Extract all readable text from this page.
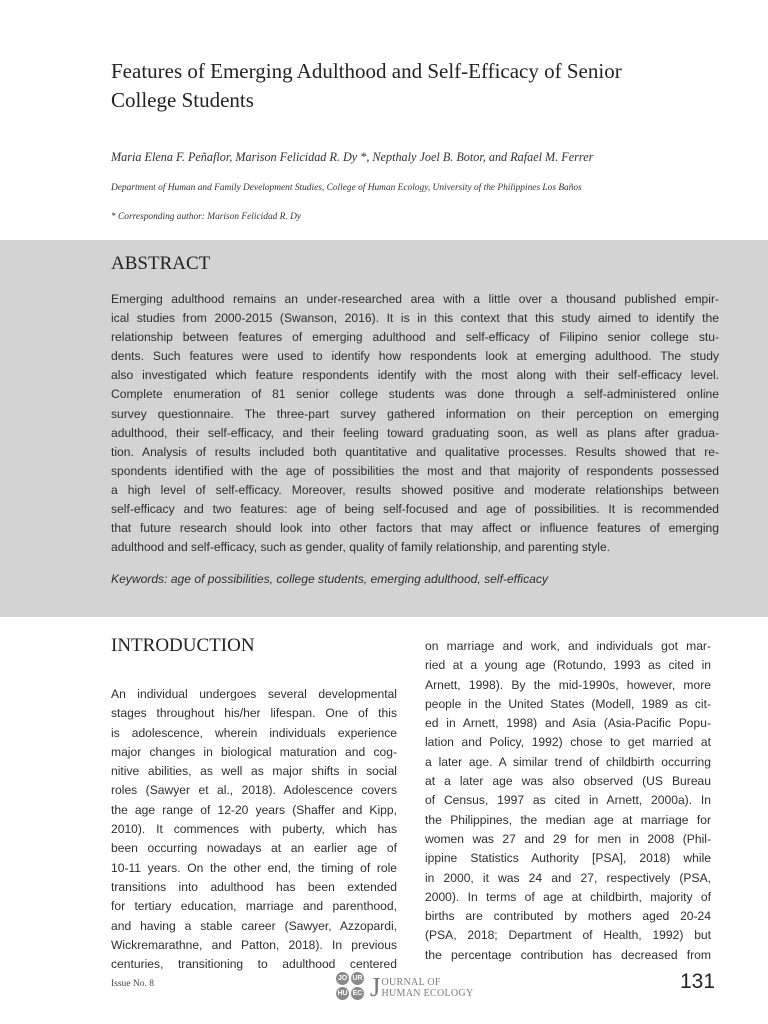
Features of Emerging Adulthood and Self-Efficacy of Senior
College Students
Maria Elena F. Peñaflor, Marison Felicidad R. Dy *, Nepthaly Joel B. Botor, and Rafael M. Ferrer
Department of Human and Family Development Studies, College of Human Ecology, University of the Philippines Los Baños
* Corresponding author: Marison Felicidad R. Dy
ABSTRACT
Emerging adulthood remains an under-researched area with a little over a thousand published empir-
ical studies from 2000-2015 (Swanson, 2016). It is in this context that this study aimed to identify the
relationship between features of emerging adulthood and self-efficacy of Filipino senior college stu-
dents. Such features were used to identify how respondents look at emerging adulthood. The study
also investigated which feature respondents identify with the most along with their self-efficacy level.
Complete enumeration of 81 senior college students was done through a self-administered online
survey questionnaire. The three-part survey gathered information on their perception on emerging
adulthood, their self-efficacy, and their feeling toward graduating soon, as well as plans after gradua-
tion. Analysis of results included both quantitative and qualitative processes. Results showed that re-
spondents identified with the age of possibilities the most and that majority of respondents possessed
a high level of self-efficacy. Moreover, results showed positive and moderate relationships between
self-efficacy and two features: age of being self-focused and age of possibilities. It is recommended
that future research should look into other factors that may affect or influence features of emerging
adulthood and self-efficacy, such as gender, quality of family relationship, and parenting style.
Keywords: age of possibilities, college students, emerging adulthood, self-efficacy
INTRODUCTION
An individual undergoes several developmental
stages throughout his/her lifespan. One of this
is adolescence, wherein individuals experience
major changes in biological maturation and cog-
nitive abilities, as well as major shifts in social
roles (Sawyer et al., 2018). Adolescence covers
the age range of 12-20 years (Shaffer and Kipp,
2010). It commences with puberty, which has
been occurring nowadays at an earlier age of
10-11 years. On the other end, the timing of role
transitions into adulthood has been extended
for tertiary education, marriage and parenthood,
and having a stable career (Sawyer, Azzopardi,
Wickremarathne, and Patton, 2018). In previous
centuries, transitioning to adulthood centered
on marriage and work, and individuals got mar-
ried at a young age (Rotundo, 1993 as cited in
Arnett, 1998). By the mid-1990s, however, more
people in the United States (Modell, 1989 as cit-
ed in Arnett, 1998) and Asia (Asia-Pacific Popu-
lation and Policy, 1992) chose to get married at
a later age. A similar trend of childbirth occurring
at a later age was also observed (US Bureau
of Census, 1997 as cited in Arnett, 2000a). In
the Philippines, the median age at marriage for
women was 27 and 29 for men in 2008 (Phil-
ippine Statistics Authority [PSA], 2018) while
in 2000, it was 24 and 27, respectively (PSA,
2000). In terms of age at childbirth, majority of
births are contributed by mothers aged 20-24
(PSA, 2018; Department of Health, 1992) but
the percentage contribution has decreased from
Issue No. 8
JO UR
HU EC J OURNAL OF
HUMAN ECOLOGY
131
